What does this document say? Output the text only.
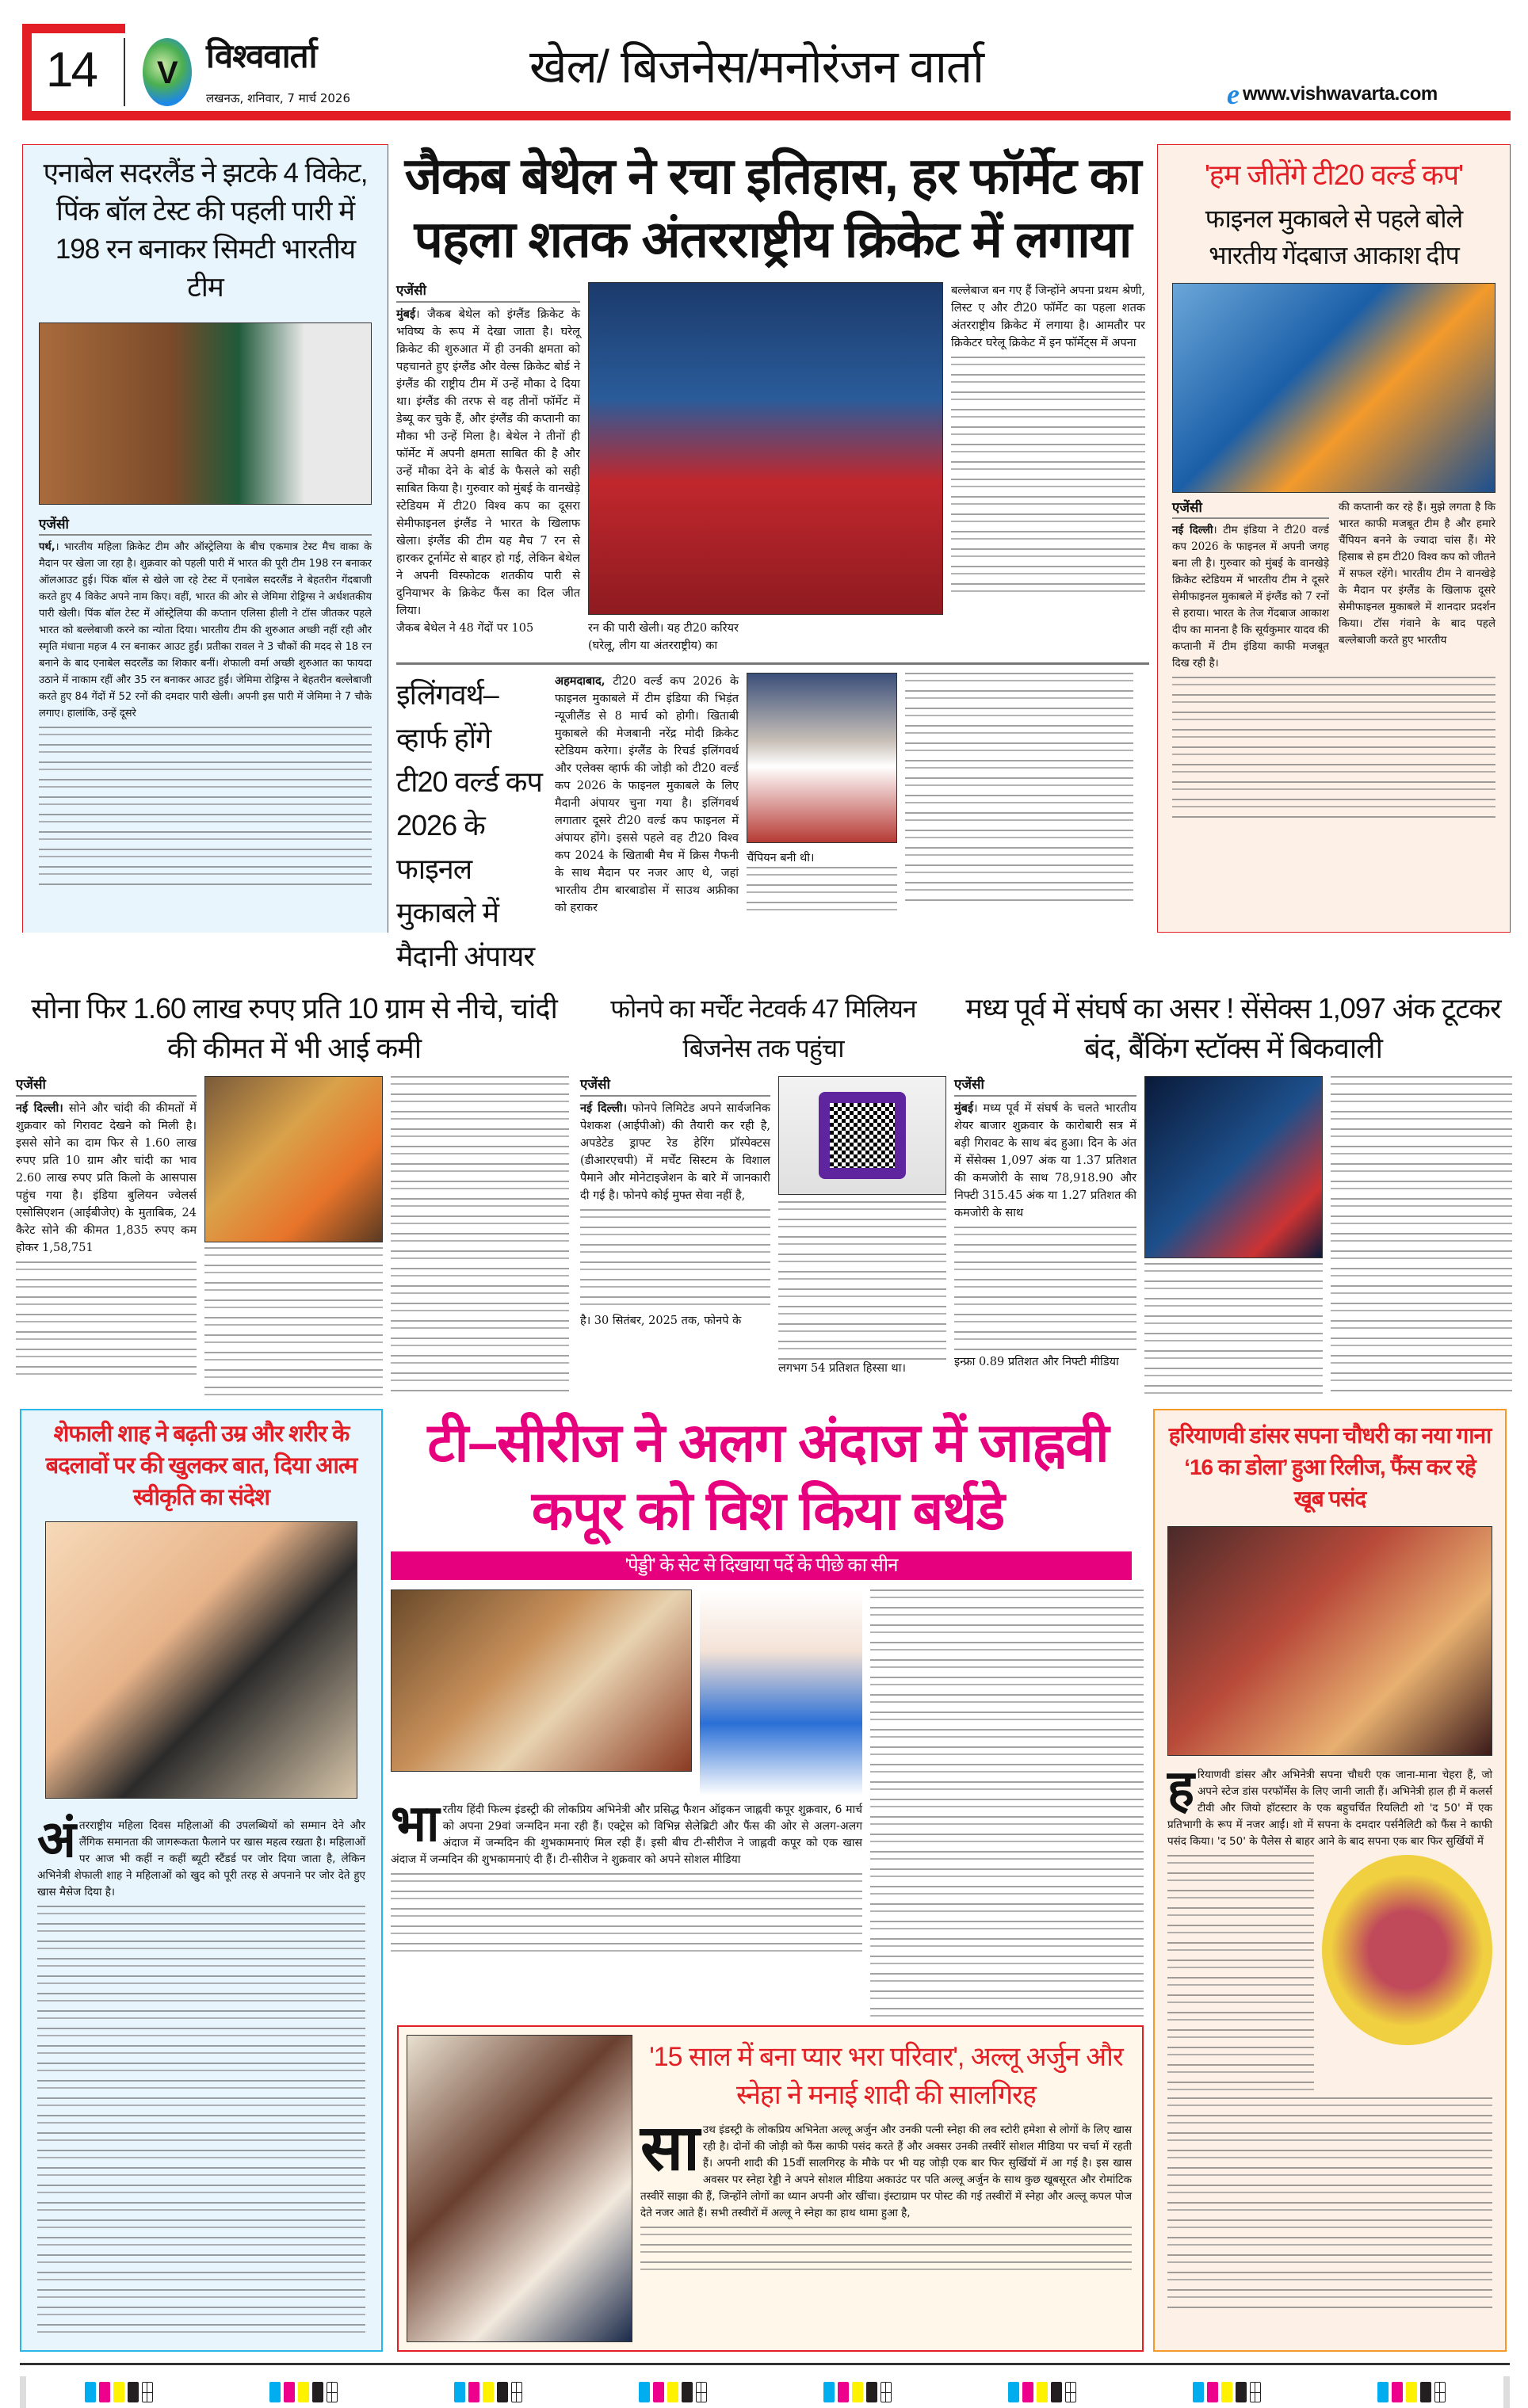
14 V विश्ववार्ता
लखनऊ, शनिवार, 7 मार्च 2026
खेल/ बिजनेस/मनोरंजन वार्ता
e www.vishwavarta.com
एनाबेल सदरलैंड ने झटके 4 विकेट, पिंक बॉल टेस्ट की पहली पारी में 198 रन बनाकर सिमटी भारतीय टीम
एजेंसी
पर्थ,। भारतीय महिला क्रिकेट टीम और ऑस्ट्रेलिया के बीच एकमात्र टेस्ट मैच वाका के मैदान पर खेला जा रहा है। शुक्रवार को पहली पारी में भारत की पूरी टीम 198 रन बनाकर ऑलआउट हुई। पिंक बॉल से खेले जा रहे टेस्ट में एनाबेल सदरलैंड ने बेहतरीन गेंदबाजी करते हुए 4 विकेट अपने नाम किए। वहीं, भारत की ओर से जेमिमा रोड्रिग्स ने अर्धशतकीय पारी खेली। पिंक बॉल टेस्ट में ऑस्ट्रेलिया की कप्तान एलिसा हीली ने टॉस जीतकर पहले भारत को बल्लेबाजी करने का न्योता दिया। भारतीय टीम की शुरुआत अच्छी नहीं रही और स्मृति मंधाना महज 4 रन बनाकर आउट हुईं। प्रतीका रावल ने 3 चौकों की मदद से 18 रन बनाने के बाद एनाबेल सदरलैंड का शिकार बनीं। शेफाली वर्मा अच्छी शुरुआत का फायदा उठाने में नाकाम रहीं और 35 रन बनाकर आउट हुईं। जेमिमा रोड्रिग्स ने बेहतरीन बल्लेबाजी करते हुए 84 गेंदों में 52 रनों की दमदार पारी खेली। अपनी इस पारी में जेमिमा ने 7 चौके लगाए। हालांकि, उन्हें दूसरे
जैकब बेथेल ने रचा इतिहास, हर फॉर्मेट का पहला शतक अंतरराष्ट्रीय क्रिकेट में लगाया
एजेंसी
मुंबई। जैकब बेथेल को इंग्लैंड क्रिकेट के भविष्य के रूप में देखा जाता है। घरेलू क्रिकेट की शुरुआत में ही उनकी क्षमता को पहचानते हुए इंग्लैंड और वेल्स क्रिकेट बोर्ड ने इंग्लैंड की राष्ट्रीय टीम में उन्हें मौका दे दिया था। इंग्लैंड की तरफ से वह तीनों फॉर्मेट में डेब्यू कर चुके हैं, और इंग्लैंड की कप्तानी का मौका भी उन्हें मिला है। बेथेल ने तीनों ही फॉर्मेट में अपनी क्षमता साबित की है और उन्हें मौका देने के बोर्ड के फैसले को सही साबित किया है। गुरुवार को मुंबई के वानखेड़े स्टेडियम में टी20 विश्व कप का दूसरा सेमीफाइनल इंग्लैंड ने भारत के खिलाफ खेला। इंग्लैंड की टीम यह मैच 7 रन से हारकर टूर्नामेंट से बाहर हो गई, लेकिन बेथेल ने अपनी विस्फोटक शतकीय पारी से दुनियाभर के क्रिकेट फैंस का दिल जीत लिया।
जैकब बेथेल ने 48 गेंदों पर 105	रन की पारी खेली। यह टी20 करियर
(घरेलू, लीग या अंतरराष्ट्रीय) का
बल्लेबाज बन गए हैं जिन्होंने अपना प्रथम श्रेणी, लिस्ट ए और टी20 फॉर्मेट का पहला शतक अंतरराष्ट्रीय क्रिकेट में लगाया है। आमतौर पर क्रिकेटर घरेलू क्रिकेट में इन फॉर्मेट्स में अपना
इलिंगवर्थ–व्हार्फ होंगे टी20 वर्ल्ड कप 2026 के फाइनल मुकाबले में मैदानी अंपायर
अहमदाबाद, टी20 वर्ल्ड कप 2026 के फाइनल मुकाबले में टीम इंडिया की भिड़ंत न्यूजीलैंड से 8 मार्च को होगी। खिताबी मुकाबले की मेजबानी नरेंद्र मोदी क्रिकेट स्टेडियम करेगा। इंग्लैंड के रिचर्ड इलिंगवर्थ और एलेक्स व्हार्फ की जोड़ी को टी20 वर्ल्ड कप 2026 के फाइनल मुकाबले के लिए मैदानी अंपायर चुना गया है। इलिंगवर्थ लगातार दूसरे टी20 वर्ल्ड कप फाइनल में अंपायर होंगे। इससे पहले वह टी20 विश्व कप 2024 के खिताबी मैच में क्रिस गैफनी के साथ मैदान पर नजर आए थे, जहां भारतीय टीम बारबाडोस में साउथ अफ्रीका को हराकर
चैंपियन बनी थी।
'हम जीतेंगे टी20 वर्ल्ड कप'
फाइनल मुकाबले से पहले बोले भारतीय गेंदबाज आकाश दीप
एजेंसी
नई दिल्ली। टीम इंडिया ने टी20 वर्ल्ड कप 2026 के फाइनल में अपनी जगह बना ली है। गुरुवार को मुंबई के वानखेड़े क्रिकेट स्टेडियम में भारतीय टीम ने दूसरे सेमीफाइनल मुकाबले में इंग्लैंड को 7 रनों से हराया। भारत के तेज गेंदबाज आकाश दीप का मानना है कि सूर्यकुमार यादव की कप्तानी में टीम इंडिया काफी मजबूत दिख रही है।
की कप्तानी कर रहे हैं। मुझे लगता है कि भारत काफी मजबूत टीम है और हमारे चैंपियन बनने के ज्यादा चांस हैं। मेरे हिसाब से हम टी20 विश्व कप को जीतने में सफल रहेंगे। भारतीय टीम ने वानखेड़े के मैदान पर इंग्लैंड के खिलाफ दूसरे सेमीफाइनल मुकाबले में शानदार प्रदर्शन किया। टॉस गंवाने के बाद पहले बल्लेबाजी करते हुए भारतीय
सोना फिर 1.60 लाख रुपए प्रति 10 ग्राम से नीचे, चांदी की कीमत में भी आई कमी
एजेंसी
नई दिल्ली। सोने और चांदी की कीमतों में शुक्रवार को गिरावट देखने को मिली है। इससे सोने का दाम फिर से 1.60 लाख रुपए प्रति 10 ग्राम और चांदी का भाव 2.60 लाख रुपए प्रति किलो के आसपास पहुंच गया है। इंडिया बुलियन ज्वेलर्स एसोसिएशन (आईबीजेए) के मुताबिक, 24 कैरेट सोने की कीमत 1,835 रुपए कम होकर 1,58,751
फोनपे का मर्चेंट नेटवर्क 47 मिलियन बिजनेस तक पहुंचा
एजेंसी
नई दिल्ली। फोनपे लिमिटेड अपने सार्वजनिक पेशकश (आईपीओ) की तैयारी कर रही है, अपडेटेड ड्राफ्ट रेड हेरिंग प्रॉस्पेक्टस (डीआरएचपी) में मर्चेंट सिस्टम के विशाल पैमाने और मोनेटाइजेशन के बारे में जानकारी दी गई है। फोनपे कोई मुफ्त सेवा नहीं है,
है। 30 सितंबर, 2025 तक, फोनपे के
लगभग 54 प्रतिशत हिस्सा था।
मध्य पूर्व में संघर्ष का असर ! सेंसेक्स 1,097 अंक टूटकर बंद, बैंकिंग स्टॉक्स में बिकवाली
एजेंसी
मुंबई। मध्य पूर्व में संघर्ष के चलते भारतीय शेयर बाजार शुक्रवार के कारोबारी सत्र में बड़ी गिरावट के साथ बंद हुआ। दिन के अंत में सेंसेक्स 1,097 अंक या 1.37 प्रतिशत की कमजोरी के साथ 78,918.90 और निफ्टी 315.45 अंक या 1.27 प्रतिशत की कमजोरी के साथ
इन्फ्रा 0.89 प्रतिशत और निफ्टी मीडिया
शेफाली शाह ने बढ़ती उम्र और शरीर के बदलावों पर की खुलकर बात, दिया आत्म स्वीकृति का संदेश
अंतरराष्ट्रीय महिला दिवस महिलाओं की उपलब्धियों को सम्मान देने और लैंगिक समानता की जागरूकता फैलाने पर खास महत्व रखता है। महिलाओं पर आज भी कहीं न कहीं ब्यूटी स्टैंडर्ड पर जोर दिया जाता है, लेकिन अभिनेत्री शेफाली शाह ने महिलाओं को खुद को पूरी तरह से अपनाने पर जोर देते हुए खास मैसेज दिया है।
टी–सीरीज ने अलग अंदाज में जाह्नवी कपूर को विश किया बर्थडे
'पेड्डी' के सेट से दिखाया पर्दे के पीछे का सीन
भारतीय हिंदी फिल्म इंडस्ट्री की लोकप्रिय अभिनेत्री और प्रसिद्ध फैशन ऑइकन जाह्नवी कपूर शुक्रवार, 6 मार्च को अपना 29वां जन्मदिन मना रही हैं। एक्ट्रेस को विभिन्न सेलेब्रिटी और फैंस की ओर से अलग-अलग अंदाज में जन्मदिन की शुभकामनाएं मिल रही हैं। इसी बीच टी-सीरीज ने जाह्नवी कपूर को एक खास अंदाज में जन्मदिन की शुभकामनाएं दी हैं। टी-सीरीज ने शुक्रवार को अपने सोशल मीडिया
'15 साल में बना प्यार भरा परिवार', अल्लू अर्जुन और स्नेहा ने मनाई शादी की सालगिरह
साउथ इंडस्ट्री के लोकप्रिय अभिनेता अल्लू अर्जुन और उनकी पत्नी स्नेहा की लव स्टोरी हमेशा से लोगों के लिए खास रही है। दोनों की जोड़ी को फैंस काफी पसंद करते हैं और अक्सर उनकी तस्वीरें सोशल मीडिया पर चर्चा में रहती हैं। अपनी शादी की 15वीं सालगिरह के मौके पर भी यह जोड़ी एक बार फिर सुर्खियों में आ गई है। इस खास अवसर पर स्नेहा रेड्डी ने अपने सोशल मीडिया अकाउंट पर पति अल्लू अर्जुन के साथ कुछ खूबसूरत और रोमांटिक तस्वीरें साझा की हैं, जिन्होंने लोगों का ध्यान अपनी ओर खींचा। इंस्टाग्राम पर पोस्ट की गई तस्वीरों में स्नेहा और अल्लू कपल पोज देते नजर आते हैं। सभी तस्वीरों में अल्लू ने स्नेहा का हाथ थामा हुआ है,
हरियाणवी डांसर सपना चौधरी का नया गाना ‘16 का डोला’ हुआ रिलीज, फैंस कर रहे खूब पसंद
हरियाणवी डांसर और अभिनेत्री सपना चौधरी एक जाना-माना चेहरा हैं, जो अपने स्टेज डांस परफॉर्मेंस के लिए जानी जाती हैं। अभिनेत्री हाल ही में कलर्स टीवी और जियो हॉटस्टार के एक बहुचर्चित रियलिटी शो 'द 50' में एक प्रतिभागी के रूप में नजर आईं। शो में सपना के दमदार पर्सनैलिटी को फैंस ने काफी पसंद किया। 'द 50' के पैलेस से बाहर आने के बाद सपना एक बार फिर सुर्खियों में
